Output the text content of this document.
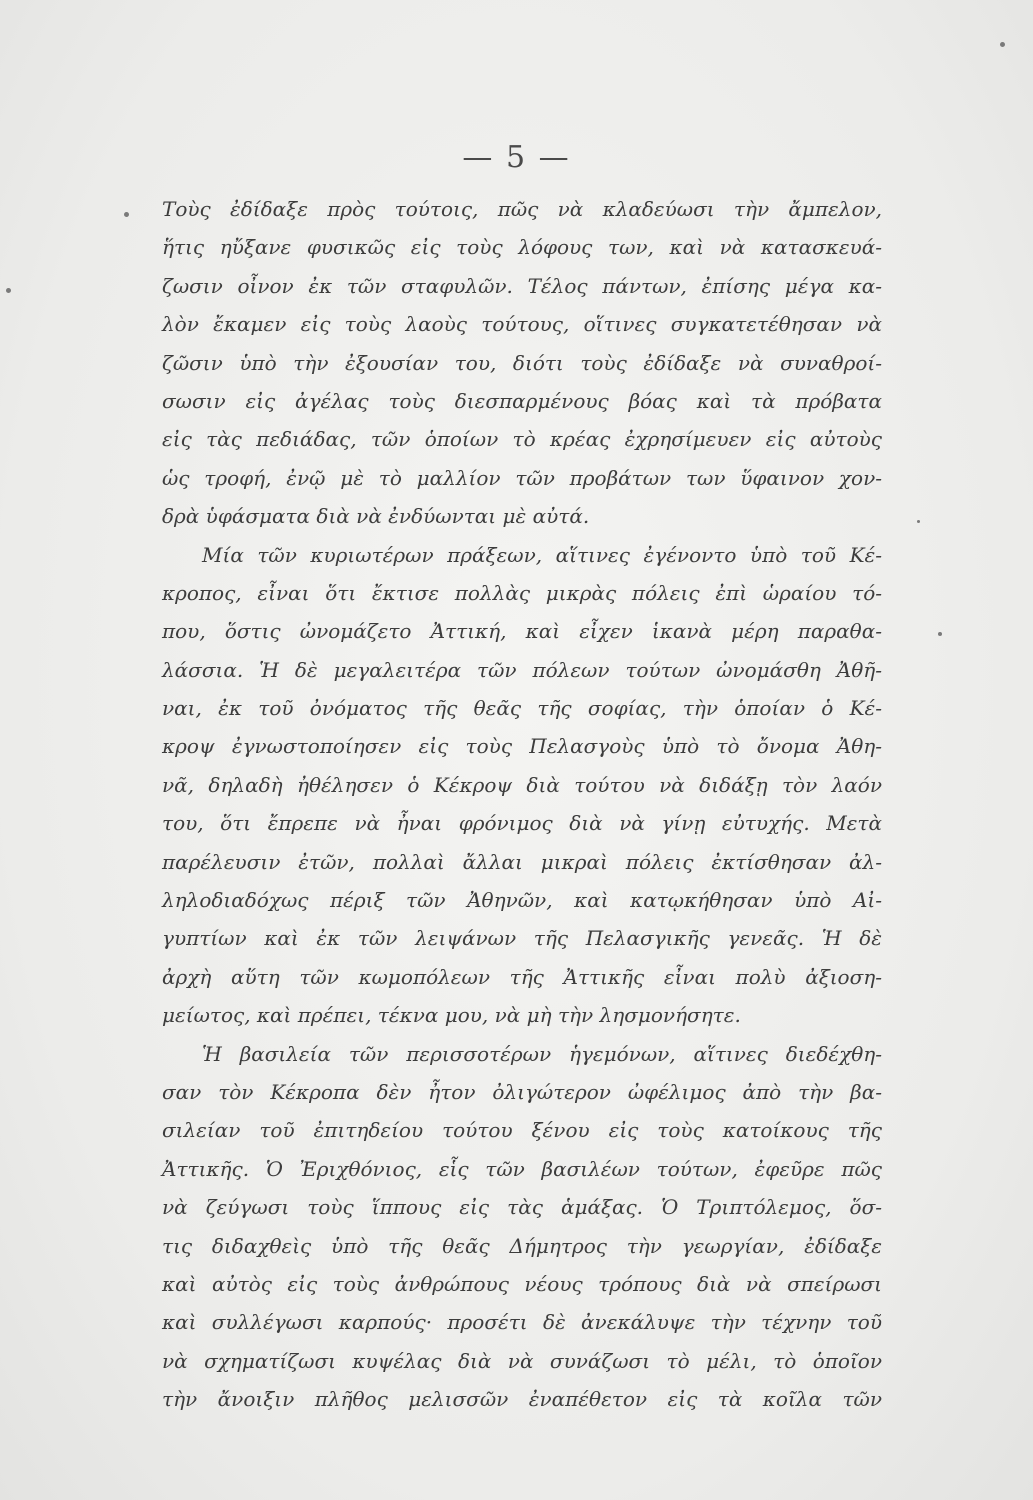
— 5 —
Τοὺς ἐδίδαξε πρὸς τούτοις, πῶς νὰ κλαδεύωσι τὴν ἄμπελον,
ἥτις ηὔξανε φυσικῶς εἰς τοὺς λόφους των, καὶ νὰ κατασκευά-
ζωσιν οἶνον ἐκ τῶν σταφυλῶν. Τέλος πάντων, ἐπίσης μέγα κα-
λὸν ἔκαμεν εἰς τοὺς λαοὺς τούτους, οἵτινες συγκατετέθησαν νὰ
ζῶσιν ὑπὸ τὴν ἐξουσίαν του, διότι τοὺς ἐδίδαξε νὰ συναθροί-
σωσιν εἰς ἀγέλας τοὺς διεσπαρμένους βόας καὶ τὰ πρόβατα
εἰς τὰς πεδιάδας, τῶν ὁποίων τὸ κρέας ἐχρησίμευεν εἰς αὐτοὺς
ὡς τροφή, ἐνῷ μὲ τὸ μαλλίον τῶν προβάτων των ὕφαινον χον-
δρὰ ὑφάσματα διὰ νὰ ἐνδύωνται μὲ αὐτά.
Μία τῶν κυριωτέρων πράξεων, αἵτινες ἐγένοντο ὑπὸ τοῦ Κέ-
κροπος, εἶναι ὅτι ἔκτισε πολλὰς μικρὰς πόλεις ἐπὶ ὡραίου τό-
που, ὅστις ὠνομάζετο Ἀττική, καὶ εἶχεν ἱκανὰ μέρη παραθα-
λάσσια. Ἡ δὲ μεγαλειτέρα τῶν πόλεων τούτων ὠνομάσθη Ἀθῆ-
ναι, ἐκ τοῦ ὀνόματος τῆς θεᾶς τῆς σοφίας, τὴν ὁποίαν ὁ Κέ-
κροψ ἐγνωστοποίησεν εἰς τοὺς Πελασγοὺς ὑπὸ τὸ ὄνομα Ἀθη-
νᾶ, δηλαδὴ ἠθέλησεν ὁ Κέκροψ διὰ τούτου νὰ διδάξῃ τὸν λαόν
του, ὅτι ἔπρεπε νὰ ἦναι φρόνιμος διὰ νὰ γίνῃ εὐτυχής. Μετὰ
παρέλευσιν ἐτῶν, πολλαὶ ἄλλαι μικραὶ πόλεις ἐκτίσθησαν ἀλ-
ληλοδιαδόχως πέριξ τῶν Ἀθηνῶν, καὶ κατῳκήθησαν ὑπὸ Αἰ-
γυπτίων καὶ ἐκ τῶν λειψάνων τῆς Πελασγικῆς γενεᾶς. Ἡ δὲ
ἀρχὴ αὕτη τῶν κωμοπόλεων τῆς Ἀττικῆς εἶναι πολὺ ἀξιοση-
μείωτος, καὶ πρέπει, τέκνα μου, νὰ μὴ τὴν λησμονήσητε.
Ἡ βασιλεία τῶν περισσοτέρων ἡγεμόνων, αἵτινες διεδέχθη-
σαν τὸν Κέκροπα δὲν ἦτον ὀλιγώτερον ὠφέλιμος ἀπὸ τὴν βα-
σιλείαν τοῦ ἐπιτηδείου τούτου ξένου εἰς τοὺς κατοίκους τῆς
Ἀττικῆς. Ὁ Ἐριχθόνιος, εἷς τῶν βασιλέων τούτων, ἐφεῦρε πῶς
νὰ ζεύγωσι τοὺς ἵππους εἰς τὰς ἁμάξας. Ὁ Τριπτόλεμος, ὅσ-
τις διδαχθεὶς ὑπὸ τῆς θεᾶς Δήμητρος τὴν γεωργίαν, ἐδίδαξε
καὶ αὐτὸς εἰς τοὺς ἀνθρώπους νέους τρόπους διὰ νὰ σπείρωσι
καὶ συλλέγωσι καρπούς· προσέτι δὲ ἀνεκάλυψε τὴν τέχνην τοῦ
νὰ σχηματίζωσι κυψέλας διὰ νὰ συνάζωσι τὸ μέλι, τὸ ὁποῖον
τὴν ἄνοιξιν πλῆθος μελισσῶν ἐναπέθετον εἰς τὰ κοῖλα τῶν
